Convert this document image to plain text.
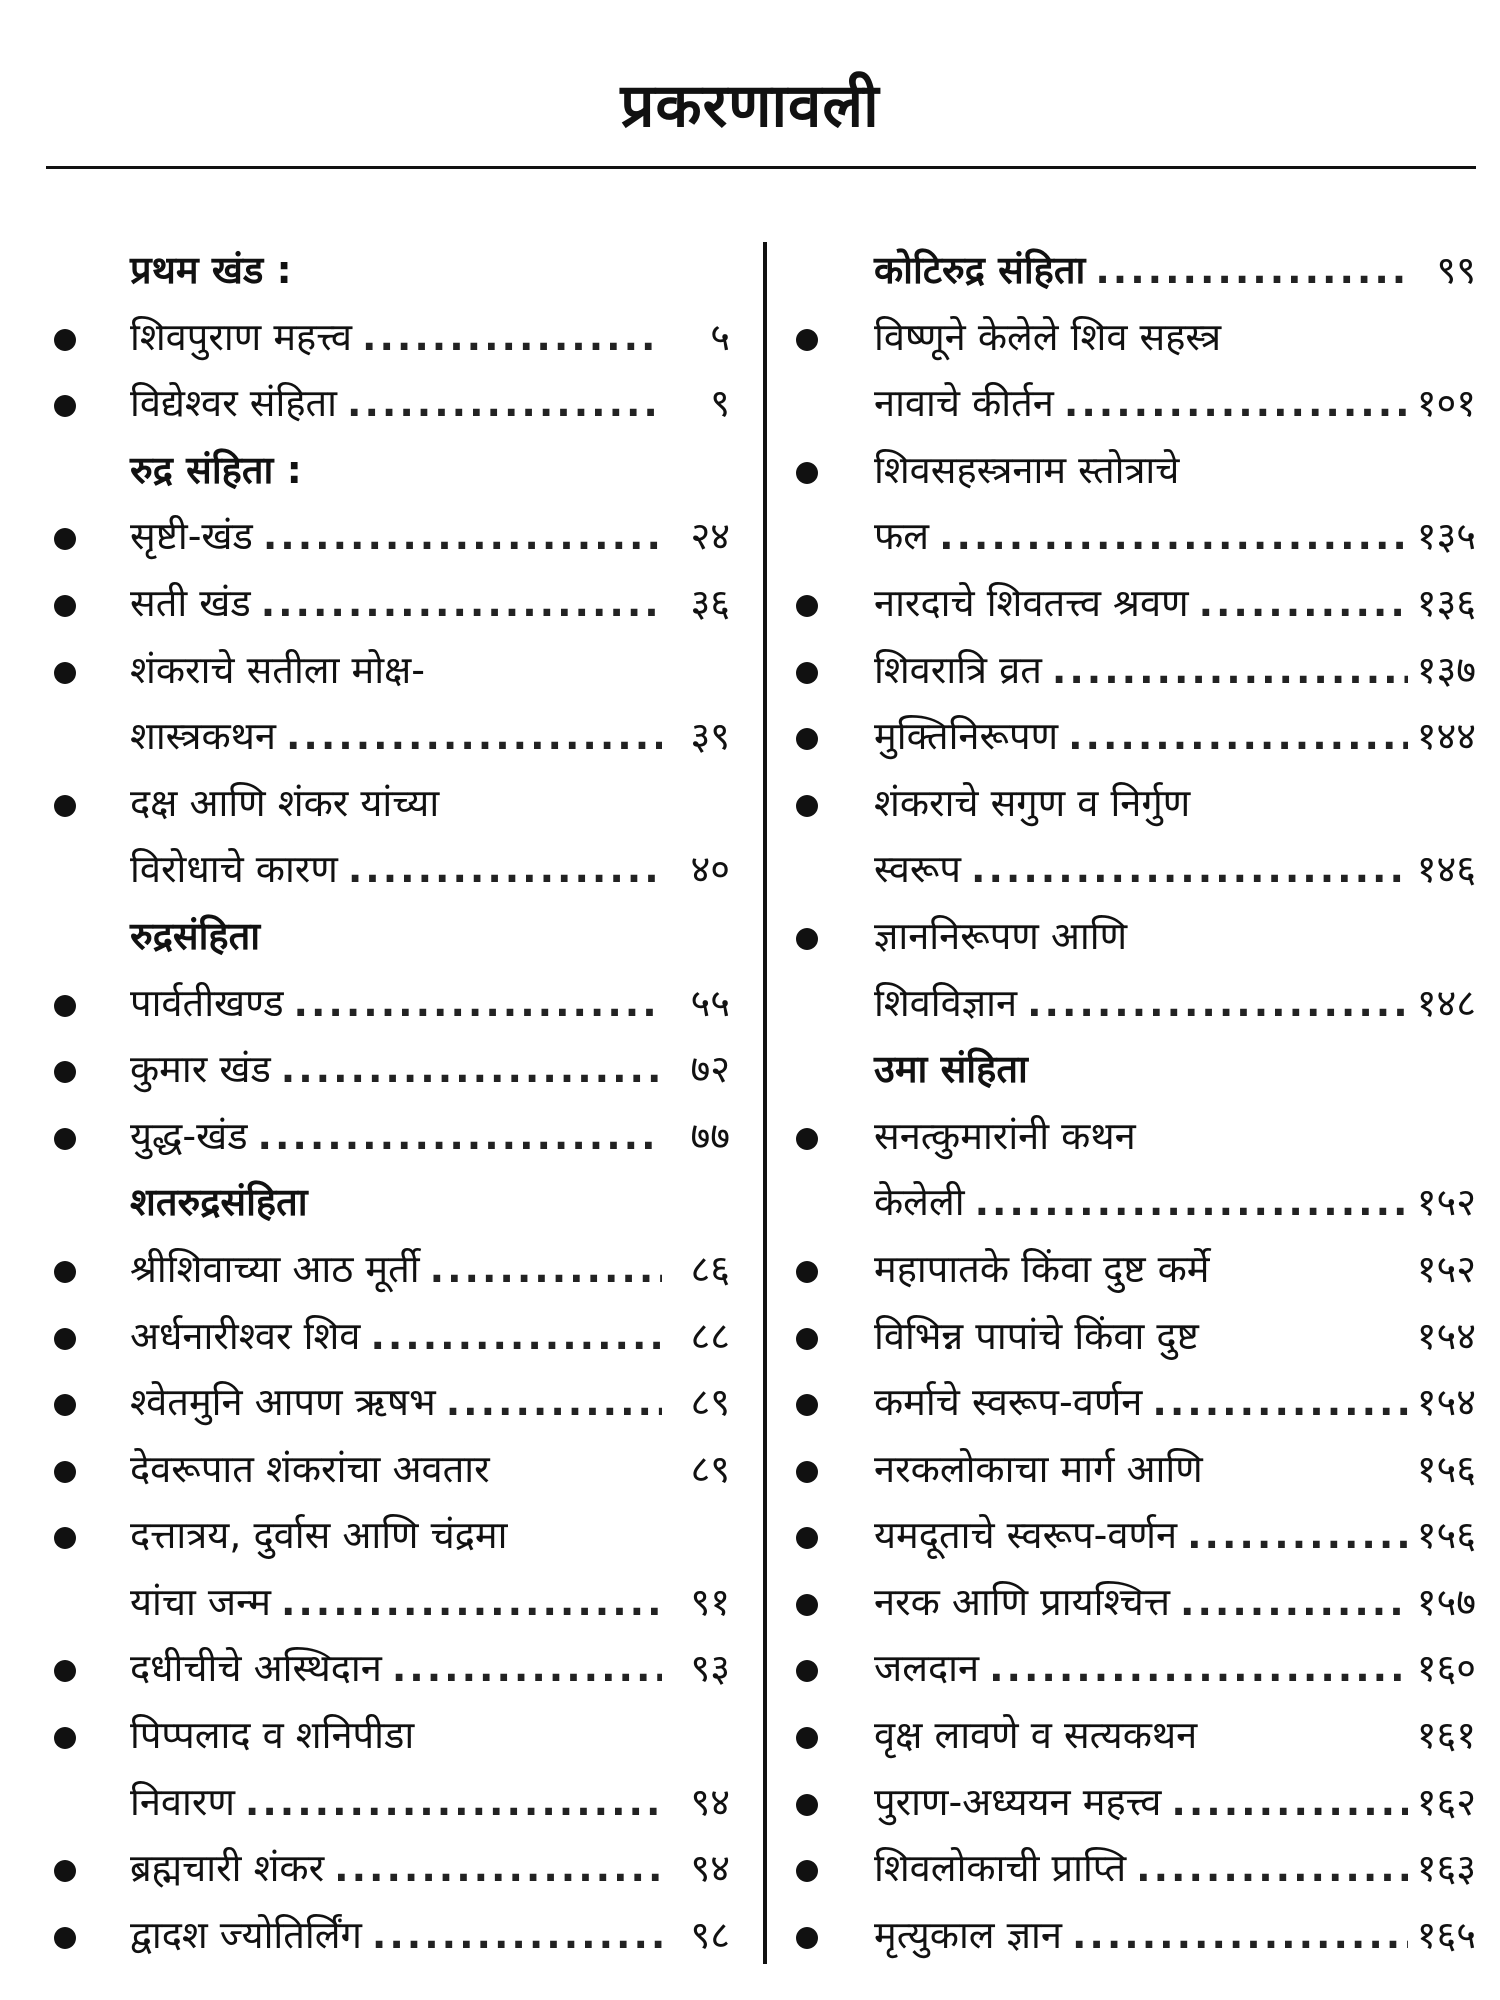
प्रकरणावली
प्रथम खंड :
शिवपुराण महत्त्व .....	५
विद्येश्वर संहिता .....	९
रुद्र संहिता :
सृष्टी-खंड .....	२४
सती खंड .....	३६
शंकराचे सतीला मोक्ष-
शास्त्रकथन .....	३९
दक्ष आणि शंकर यांच्या
विरोधाचे कारण .....	४०
रुद्रसंहिता
पार्वतीखण्ड .....	५५
कुमार खंड .....	७२
युद्ध-खंड .....	७७
शतरुद्रसंहिता
श्रीशिवाच्या आठ मूर्ती .....	८६
अर्धनारीश्वर शिव .....	८८
श्वेतमुनि आपण ऋषभ .....	८९
देवरूपात शंकरांचा अवतार	८९
दत्तात्रय, दुर्वास आणि चंद्रमा
यांचा जन्म .....	९१
दधीचीचे अस्थिदान .....	९३
पिप्पलाद व शनिपीडा
निवारण .....	९४
ब्रह्मचारी शंकर .....	९४
द्वादश ज्योतिर्लिंग .....	९८
कोटिरुद्र संहिता .....	९९
विष्णूने केलेले शिव सहस्त्र
नावाचे कीर्तन .....	१०१
शिवसहस्त्रनाम स्तोत्राचे
फल .....	१३५
नारदाचे शिवतत्त्व श्रवण .....	१३६
शिवरात्रि व्रत .....	१३७
मुक्तिनिरूपण .....	१४४
शंकराचे सगुण व निर्गुण
स्वरूप .....	१४६
ज्ञाननिरूपण आणि
शिवविज्ञान .....	१४८
उमा संहिता
सनत्कुमारांनी कथन
केलेली .....	१५२
महापातके किंवा दुष्ट कर्मे	१५२
विभिन्न पापांचे किंवा दुष्ट	१५४
कर्माचे स्वरूप-वर्णन .....	१५४
नरकलोकाचा मार्ग आणि	१५६
यमदूताचे स्वरूप-वर्णन .....	१५६
नरक आणि प्रायश्चित्त .....	१५७
जलदान .....	१६०
वृक्ष लावणे व सत्यकथन	१६१
पुराण-अध्ययन महत्त्व .....	१६२
शिवलोकाची प्राप्ति .....	१६३
मृत्युकाल ज्ञान .....	१६५
